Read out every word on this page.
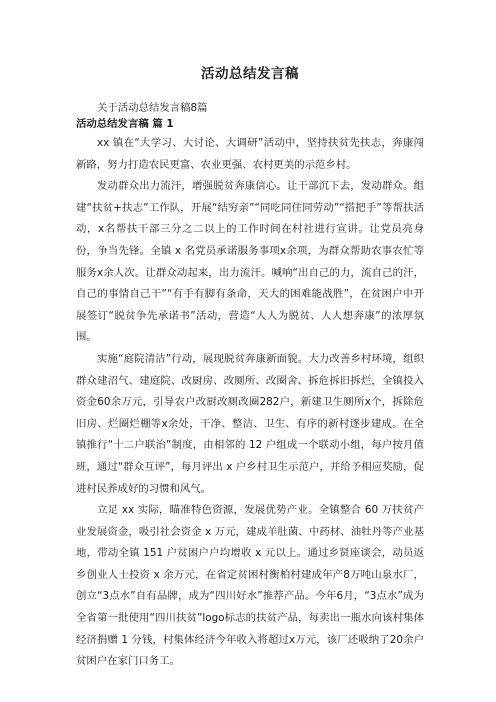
活动总结发言稿

关于活动总结发言稿8篇

活动总结发言稿 篇 1

xx 镇在“大学习、大讨论、大调研”活动中，坚持扶贫先扶志，奔康闯新路，努力打造农民更富、农业更强、农村更美的示范乡村。

发动群众出力流汗，增强脱贫奔康信心。让干部沉下去，发动群众。组建“扶贫+扶志”工作队，开展“结穷亲”“同吃同住同劳动”“搭把手”等帮扶活动，x名帮扶干部三分之二以上的工作时间在村社进行宣讲。让党员亮身份，争当先锋。全镇 x 名党员承诺服务事项x余项，为群众帮助农事农忙等服务x余人次。让群众动起来，出力流汗。喊响“出自己的力，流自己的汗，自己的事情自己干”“有手有脚有条命，天大的困难能战胜”，在贫困户中开展签订“脱贫争先承诺书”活动，营造“人人为脱贫、人人想奔康”的浓厚氛围。

实施“庭院清洁”行动，展现脱贫奔康新面貌。大力改善乡村环境，组织群众建沼气、建庭院、改厨房、改厕所、改圈舍、拆危拆旧拆烂，全镇投入资金60余万元，引导农户改厨改厕改圈282户，新建卫生厕所x个，拆除危旧房、烂圈烂棚等x余处，干净、整洁、卫生、有序的新村逐步建成。在全镇推行“十二户联治”制度，由相邻的 12 户组成一个联动小组，每户按月值班，通过“群众互评”，每月评出 x 户乡村卫生示范户，并给予相应奖励，促进村民养成好的习惯和风气。

立足 xx 实际，瞄准特色资源，发展优势产业。全镇整合 60 万扶贫产业发展资金，吸引社会资金 x 万元，建成羊肚菌、中药材、油牡丹等产业基地，带动全镇 151 户贫困户户均增收 x 元以上。通过乡贤座谈会，动员返乡创业人士投资 x 余万元，在省定贫困村衡柏村建成年产8万吨山泉水厂，创立“3点水”自有品牌，成为“四川好水”推荐产品。今年6月，“3点水”成为全省第一批使用“四川扶贫”logo标志的扶贫产品，每卖出一瓶水向该村集体经济捐赠 1 分钱，村集体经济今年收入将超过x万元，该厂还吸纳了20余户贫困户在家门口务工。
